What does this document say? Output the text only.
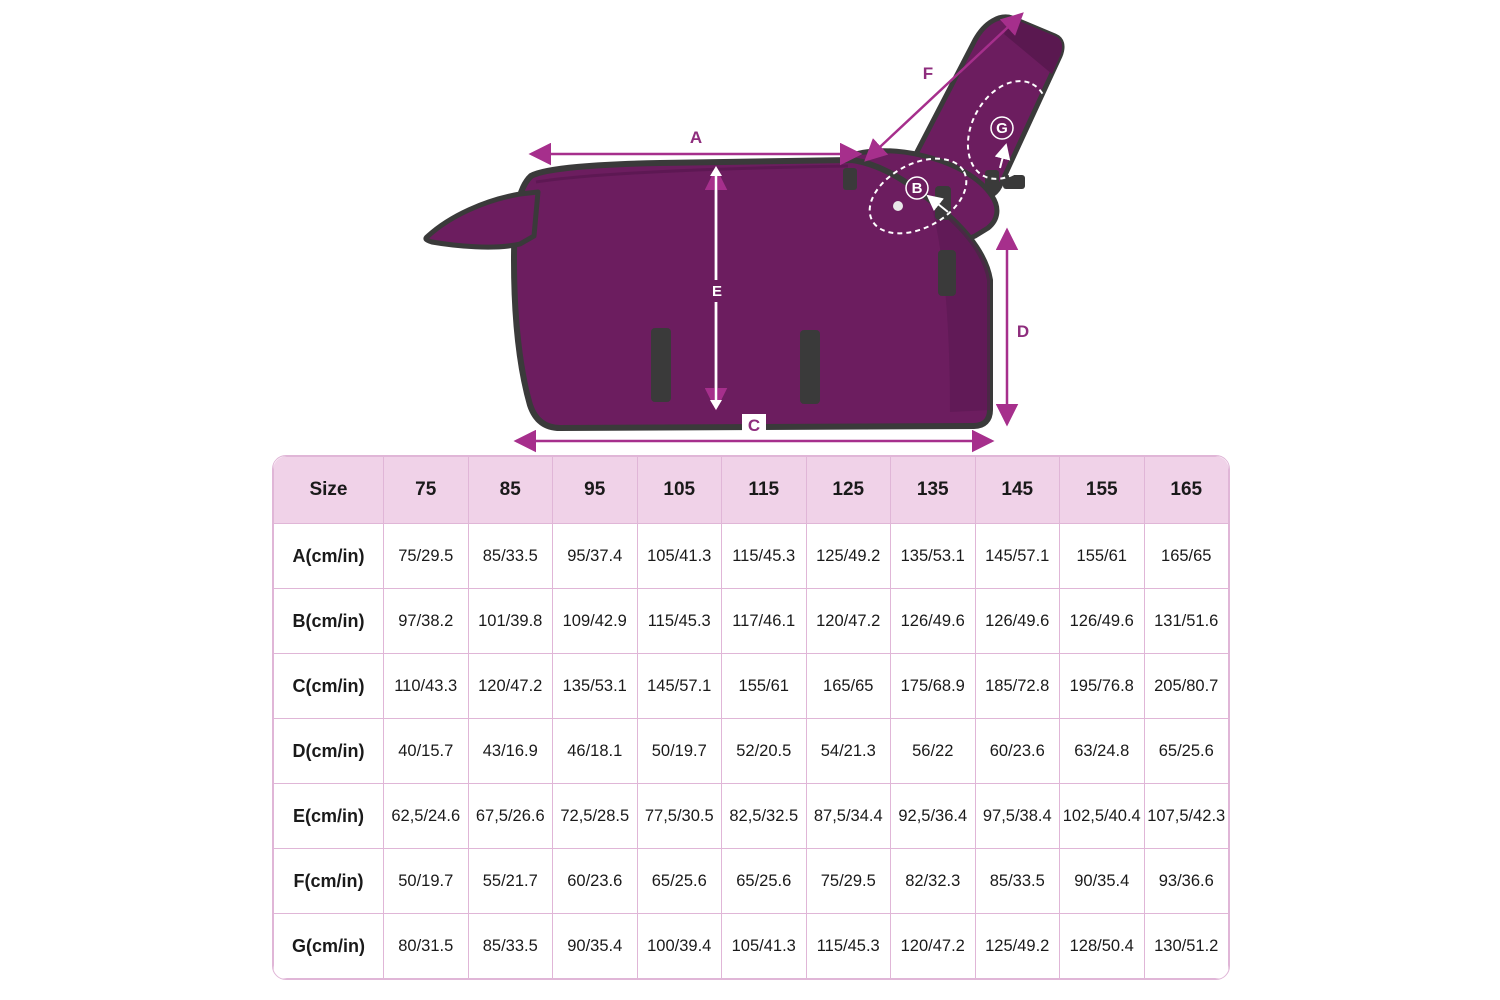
A
E
C
D
F
G
B
Size	75	85	95	105	115	125	135	145	155	165
A(cm/in)	75/29.5	85/33.5	95/37.4	105/41.3	115/45.3	125/49.2	135/53.1	145/57.1	155/61	165/65
B(cm/in)	97/38.2	101/39.8	109/42.9	115/45.3	117/46.1	120/47.2	126/49.6	126/49.6	126/49.6	131/51.6
C(cm/in)	110/43.3	120/47.2	135/53.1	145/57.1	155/61	165/65	175/68.9	185/72.8	195/76.8	205/80.7
D(cm/in)	40/15.7	43/16.9	46/18.1	50/19.7	52/20.5	54/21.3	56/22	60/23.6	63/24.8	65/25.6
E(cm/in)	62,5/24.6	67,5/26.6	72,5/28.5	77,5/30.5	82,5/32.5	87,5/34.4	92,5/36.4	97,5/38.4	102,5/40.4	107,5/42.3
F(cm/in)	50/19.7	55/21.7	60/23.6	65/25.6	65/25.6	75/29.5	82/32.3	85/33.5	90/35.4	93/36.6
G(cm/in)	80/31.5	85/33.5	90/35.4	100/39.4	105/41.3	115/45.3	120/47.2	125/49.2	128/50.4	130/51.2
